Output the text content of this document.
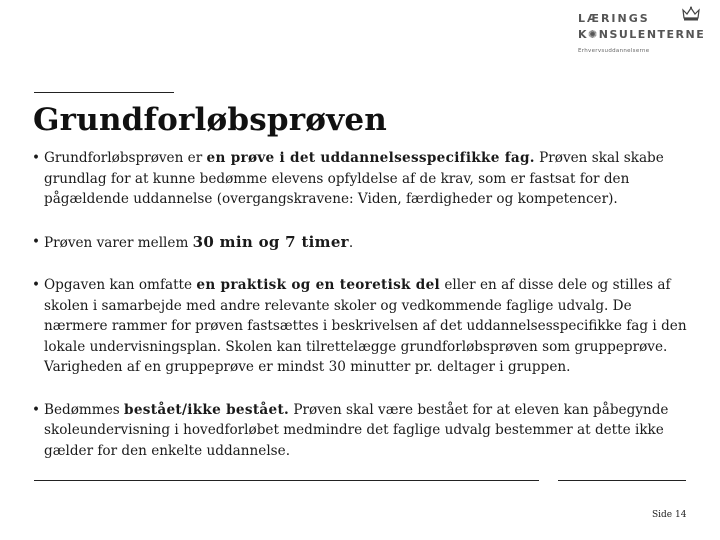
LÆRINGS
K✺NSULENTERNE
Erhvervsuddannelserne
Grundforløbsprøven

• Grundforløbsprøven er en prøve i det uddannelsesspecifikke fag. Prøven skal skabe grundlag for at kunne bedømme elevens opfyldelse af de krav, som er fastsat for den pågældende uddannelse (overgangskravene: Viden, færdigheder og kompetencer).

• Prøven varer mellem 30 min og 7 timer.

• Opgaven kan omfatte en praktisk og en teoretisk del eller en af disse dele og stilles af skolen i samarbejde med andre relevante skoler og vedkommende faglige udvalg. De nærmere rammer for prøven fastsættes i beskrivelsen af det uddannelsesspecifikke fag i den lokale undervisningsplan. Skolen kan tilrettelægge grundforløbsprøven som gruppeprøve. Varigheden af en gruppeprøve er mindst 30 minutter pr. deltager i gruppen.

• Bedømmes bestået/ikke bestået. Prøven skal være bestået for at eleven kan påbegynde skoleundervisning i hovedforløbet medmindre det faglige udvalg bestemmer at dette ikke gælder for den enkelte uddannelse.

Side 14
